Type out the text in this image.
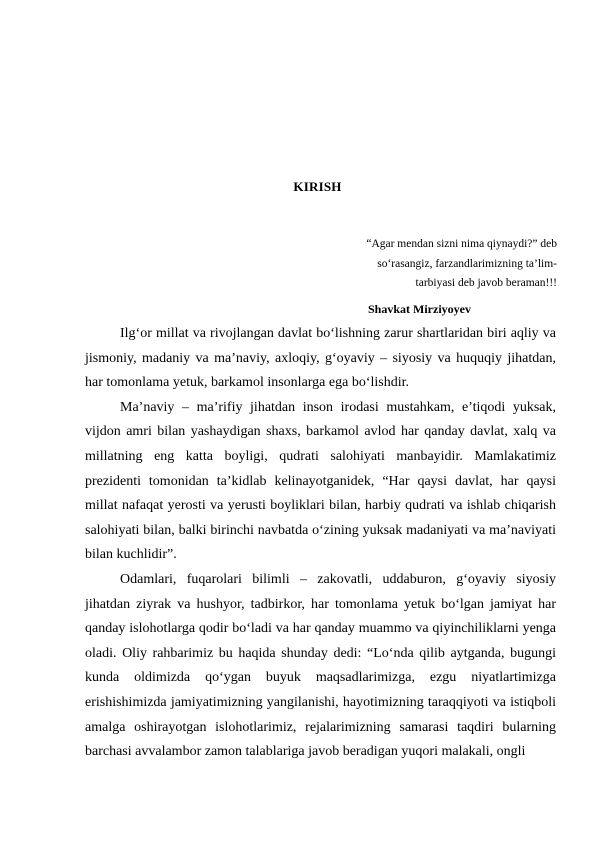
KIRISH
“Agar mendan sizni nima qiynaydi?” deb
so‘rasangiz, farzandlarimizning ta’lim-
tarbiyasi deb javob beraman!!!
Shavkat Mirziyoyev

Ilg‘or millat va rivojlangan davlat bo‘lishning zarur shartlaridan biri aqliy va jismoniy, madaniy va ma’naviy, axloqiy, g‘oyaviy – siyosiy va huquqiy jihatdan, har tomonlama yetuk, barkamol insonlarga ega bo‘lishdir.

Ma’naviy – ma’rifiy jihatdan inson irodasi mustahkam, e’tiqodi yuksak, vijdon amri bilan yashaydigan shaxs, barkamol avlod har qanday davlat, xalq va millatning eng katta boyligi, qudrati salohiyati manbayidir. Mamlakatimiz prezidenti tomonidan ta’kidlab kelinayotganidek, “Har qaysi davlat, har qaysi millat nafaqat yerosti va yerusti boyliklari bilan, harbiy qudrati va ishlab chiqarish salohiyati bilan, balki birinchi navbatda o‘zining yuksak madaniyati va ma’naviyati bilan kuchlidir”.

Odamlari, fuqarolari bilimli – zakovatli, uddaburon, g‘oyaviy siyosiy jihatdan ziyrak va hushyor, tadbirkor, har tomonlama yetuk bo‘lgan jamiyat har qanday islohotlarga qodir bo‘ladi va har qanday muammo va qiyinchiliklarni yenga oladi. Oliy rahbarimiz bu haqida shunday dedi: “Lo‘nda qilib aytganda, bugungi kunda oldimizda qo‘ygan buyuk maqsadlarimizga, ezgu niyatlartimizga erishishimizda jamiyatimizning yangilanishi, hayotimizning taraqqiyoti va istiqboli amalga oshirayotgan islohotlarimiz, rejalarimizning samarasi taqdiri bularning barchasi avvalambor zamon talablariga javob beradigan yuqori malakali, ongli
